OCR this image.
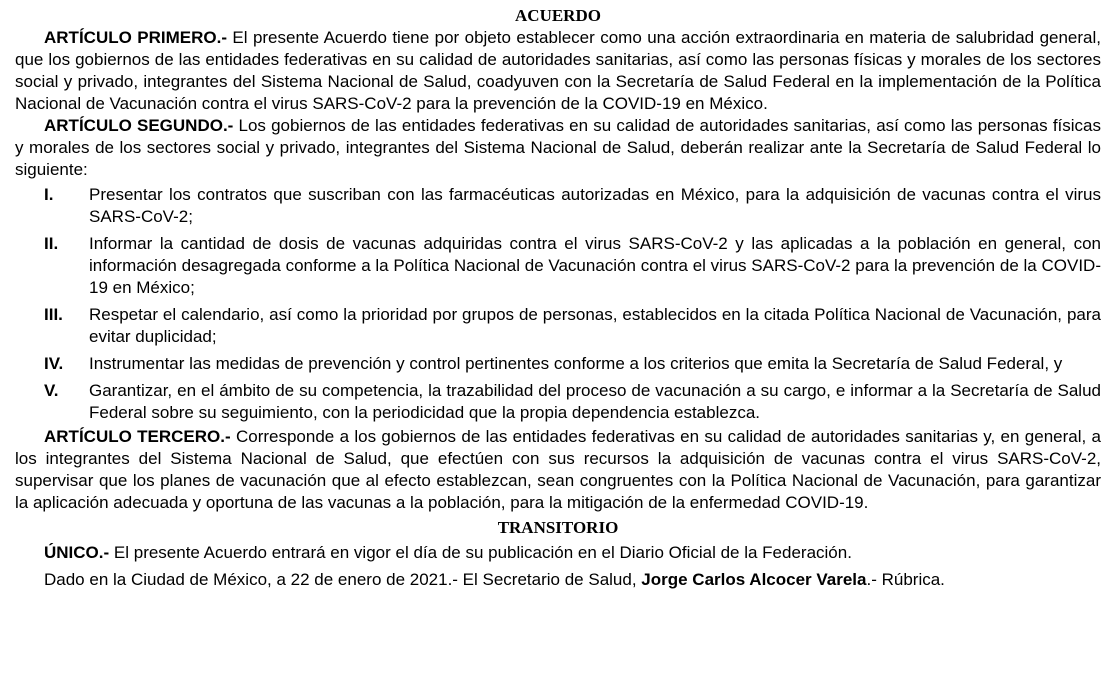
ACUERDO

ARTÍCULO PRIMERO.- El presente Acuerdo tiene por objeto establecer como una acción extraordinaria en materia de salubridad general, que los gobiernos de las entidades federativas en su calidad de autoridades sanitarias, así como las personas físicas y morales de los sectores social y privado, integrantes del Sistema Nacional de Salud, coadyuven con la Secretaría de Salud Federal en la implementación de la Política Nacional de Vacunación contra el virus SARS-CoV-2 para la prevención de la COVID-19 en México.

ARTÍCULO SEGUNDO.- Los gobiernos de las entidades federativas en su calidad de autoridades sanitarias, así como las personas físicas y morales de los sectores social y privado, integrantes del Sistema Nacional de Salud, deberán realizar ante la Secretaría de Salud Federal lo siguiente:

I. Presentar los contratos que suscriban con las farmacéuticas autorizadas en México, para la adquisición de vacunas contra el virus SARS-CoV-2;
II. Informar la cantidad de dosis de vacunas adquiridas contra el virus SARS-CoV-2 y las aplicadas a la población en general, con información desagregada conforme a la Política Nacional de Vacunación contra el virus SARS-CoV-2 para la prevención de la COVID-19 en México;
III. Respetar el calendario, así como la prioridad por grupos de personas, establecidos en la citada Política Nacional de Vacunación, para evitar duplicidad;
IV. Instrumentar las medidas de prevención y control pertinentes conforme a los criterios que emita la Secretaría de Salud Federal, y
V. Garantizar, en el ámbito de su competencia, la trazabilidad del proceso de vacunación a su cargo, e informar a la Secretaría de Salud Federal sobre su seguimiento, con la periodicidad que la propia dependencia establezca.

ARTÍCULO TERCERO.- Corresponde a los gobiernos de las entidades federativas en su calidad de autoridades sanitarias y, en general, a los integrantes del Sistema Nacional de Salud, que efectúen con sus recursos la adquisición de vacunas contra el virus SARS-CoV-2, supervisar que los planes de vacunación que al efecto establezcan, sean congruentes con la Política Nacional de Vacunación, para garantizar la aplicación adecuada y oportuna de las vacunas a la población, para la mitigación de la enfermedad COVID-19.

TRANSITORIO

ÚNICO.- El presente Acuerdo entrará en vigor el día de su publicación en el Diario Oficial de la Federación.

Dado en la Ciudad de México, a 22 de enero de 2021.- El Secretario de Salud, Jorge Carlos Alcocer Varela.- Rúbrica.
